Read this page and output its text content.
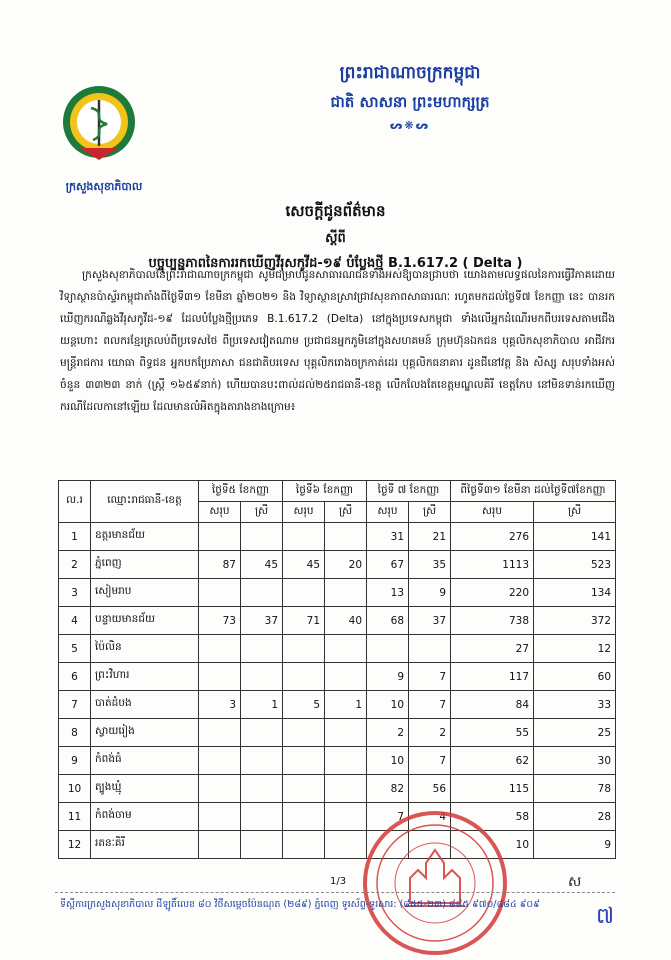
ក្រសួងសុខាភិបាល
ព្រះរាជាណាចក្រកម្ពុជា
ជាតិ សាសនា ព្រះមហាក្សត្រ
ᔕ❋ᔕ
សេចក្ដីជូនព័ត៌មាន
ស្ដីពី
បច្ចុប្បន្នភាពនៃការរកឃើញវីរុសកូវីដ-១៩ បំប្លែងថ្មី B.1.617.2 ( Delta )
ក្រសួងសុខាភិបាលនៃព្រះរាជាណាចក្រកម្ពុជា សូមជម្រាបជូនសាធារណជនទាំងអស់ឱ្យបានជ្រាបថា យោងតាមលទ្ធផលនៃការធ្វើវិភាគដោយវិទ្យាស្ថានប៉ាស្ទ័រកម្ពុជាតាំងពីថ្ងៃទី៣១ ខែមីនា ឆ្នាំ២០២១ និង វិទ្យាស្ថានស្រាវជ្រាវសុខភាពសាធារណៈ រហូតមកដល់ថ្ងៃទី៧ ខែកញ្ញា នេះ បានរកឃើញករណីឆ្លងវីរុសកូវីដ-១៩ ដែលបំប្លែងថ្មីប្រភេទ B.1.617.2 (Delta) នៅក្នុងប្រទេសកម្ពុជា ទាំងលើអ្នកដំណើរមកពីបរទេសតាមជើងយន្តហោះ ពលករខ្មែរត្រលប់ពីប្រទេសថៃ ពីប្រទេសវៀតណាម ប្រជាជនអ្នកភូមិនៅក្នុងសហគមន៍ ក្រុមហ៊ុនឯកជន បុគ្គលិកសុខាភិបាល អាជីវករ មន្ត្រីរាជការ យោធា ពិទ្ធជន អ្នកបកប្រែភាសា ជនជាតិបរទេស បុគ្គលិករោងចក្រកាត់ដេរ បុគ្គលិកធនាគារ ដូនជីនៅវត្ត និង សិស្ស សរុបទាំងអស់ចំនួន ៣៣២៣ នាក់ (ស្ត្រី ១៦៥៩នាក់) ហើយបានបះពាល់ដល់២៥រាជធានី-ខេត្ត លើកលែងតែខេត្តមណ្ឌលគិរី ខេត្តកែប នៅមិនទាន់រកឃើញករណីដែលកានៅឡើយ ដែលមានលំអិតក្នុងតារាងខាងក្រោម៖
ល.រ	ឈ្មោះរាជធានី-ខេត្ត	ថ្ងៃទី៥ ខែកញ្ញា		ថ្ងៃទី៦ ខែកញ្ញា		ថ្ងៃទី ៧ ខែកញ្ញា		ពីថ្ងៃទី៣១ ខែមីនា ដល់ថ្ងៃទី៧ខែកញ្ញា	
		សរុប	ស្រី	សរុប	ស្រី	សរុប	ស្រី	សរុប	ស្រី
1	ឧត្ដរមានជ័យ					31	21	276	141
2	ភ្នំពេញ	87	45	45	20	67	35	1113	523
3	សៀមរាប					13	9	220	134
4	បន្ទាយមានជ័យ	73	37	71	40	68	37	738	372
5	ប៉ៃលិន							27	12
6	ព្រះវិហារ					9	7	117	60
7	បាត់ដំបង	3	1	5	1	10	7	84	33
8	ស្វាយរៀង					2	2	55	25
9	កំពង់ធំ					10	7	62	30
10	ត្បូងឃ្មុំ					82	56	115	78
11	កំពង់ចាម					7	4	58	28
12	រតនៈគិរី							10	9
1/3	ស
ទីស្ដីការក្រសួងសុខាភិបាល ដីឡូតិ៍លេខ ៨០ វិថីសម្ដេចប៉ែនណុត (២៨៩) ភ្នំពេញ ទូរស័ព្ទ-ទូរសារ: (៨៥៥-២៣) ៨៨៥ ៩៧០/៨៨៤ ៩០៩	៧
